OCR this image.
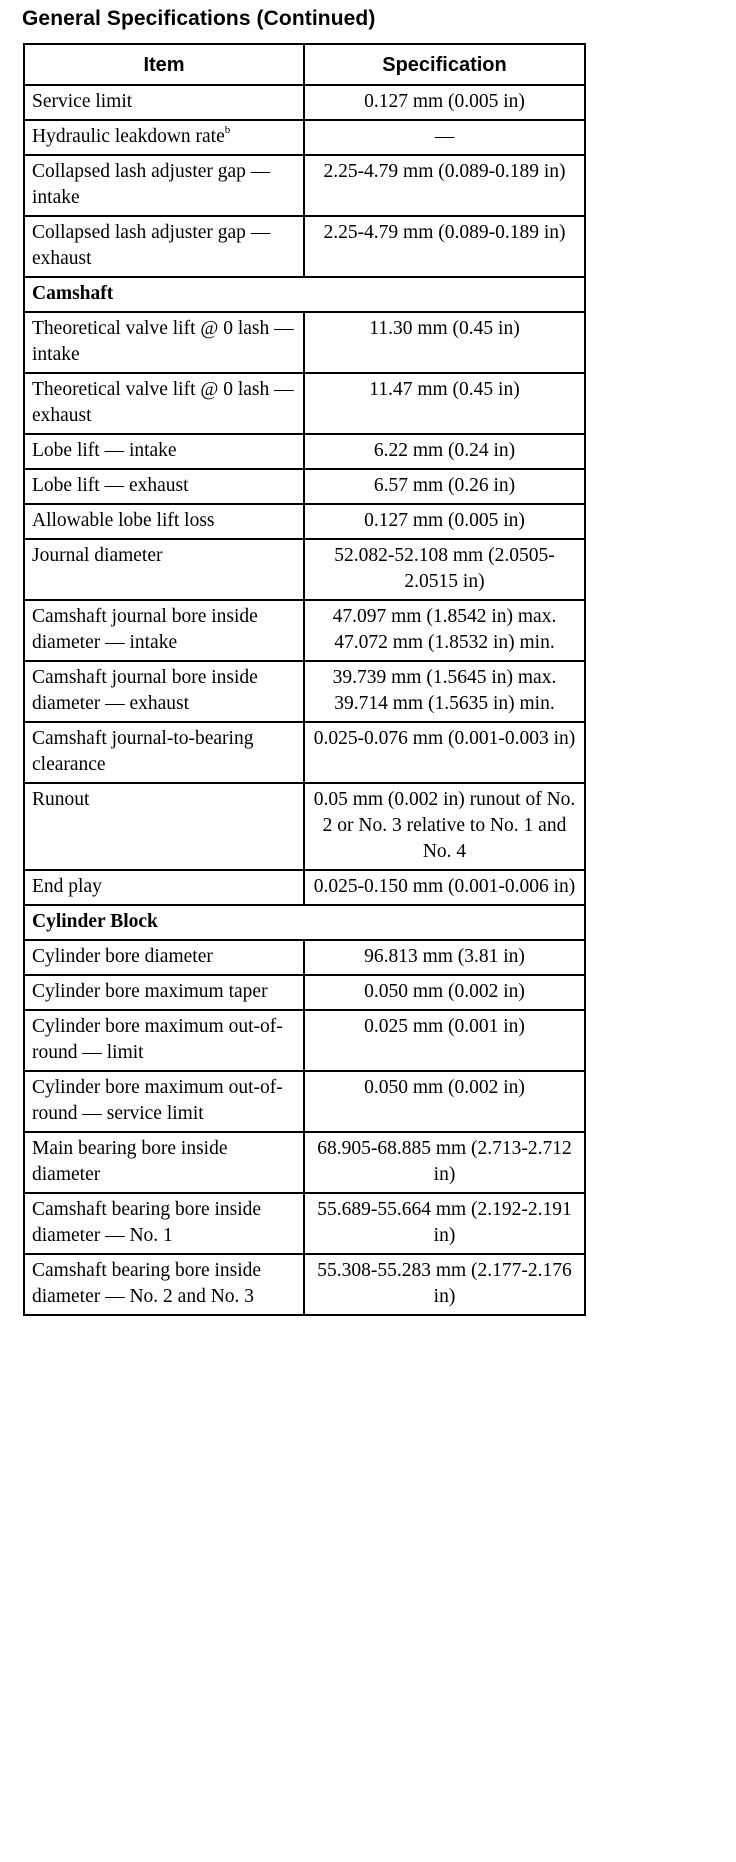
General Specifications (Continued)
Item	Specification
Service limit	0.127 mm (0.005 in)
Hydraulic leakdown rate$^b$	—
Collapsed lash adjuster gap — intake	2.25-4.79 mm (0.089-0.189 in)
Collapsed lash adjuster gap — exhaust	2.25-4.79 mm (0.089-0.189 in)
Camshaft	
Theoretical valve lift @ 0 lash — intake	11.30 mm (0.45 in)
Theoretical valve lift @ 0 lash — exhaust	11.47 mm (0.45 in)
Lobe lift — intake	6.22 mm (0.24 in)
Lobe lift — exhaust	6.57 mm (0.26 in)
Allowable lobe lift loss	0.127 mm (0.005 in)
Journal diameter	52.082-52.108 mm (2.0505-2.0515 in)
Camshaft journal bore inside diameter — intake	47.097 mm (1.8542 in) max. 47.072 mm (1.8532 in) min.
Camshaft journal bore inside diameter — exhaust	39.739 mm (1.5645 in) max. 39.714 mm (1.5635 in) min.
Camshaft journal-to-bearing clearance	0.025-0.076 mm (0.001-0.003 in)
Runout	0.05 mm (0.002 in) runout of No. 2 or No. 3 relative to No. 1 and No. 4
End play	0.025-0.150 mm (0.001-0.006 in)
Cylinder Block	
Cylinder bore diameter	96.813 mm (3.81 in)
Cylinder bore maximum taper	0.050 mm (0.002 in)
Cylinder bore maximum out-of-round — limit	0.025 mm (0.001 in)
Cylinder bore maximum out-of-round — service limit	0.050 mm (0.002 in)
Main bearing bore inside diameter	68.905-68.885 mm (2.713-2.712 in)
Camshaft bearing bore inside diameter — No. 1	55.689-55.664 mm (2.192-2.191 in)
Camshaft bearing bore inside diameter — No. 2 and No. 3	55.308-55.283 mm (2.177-2.176 in)
